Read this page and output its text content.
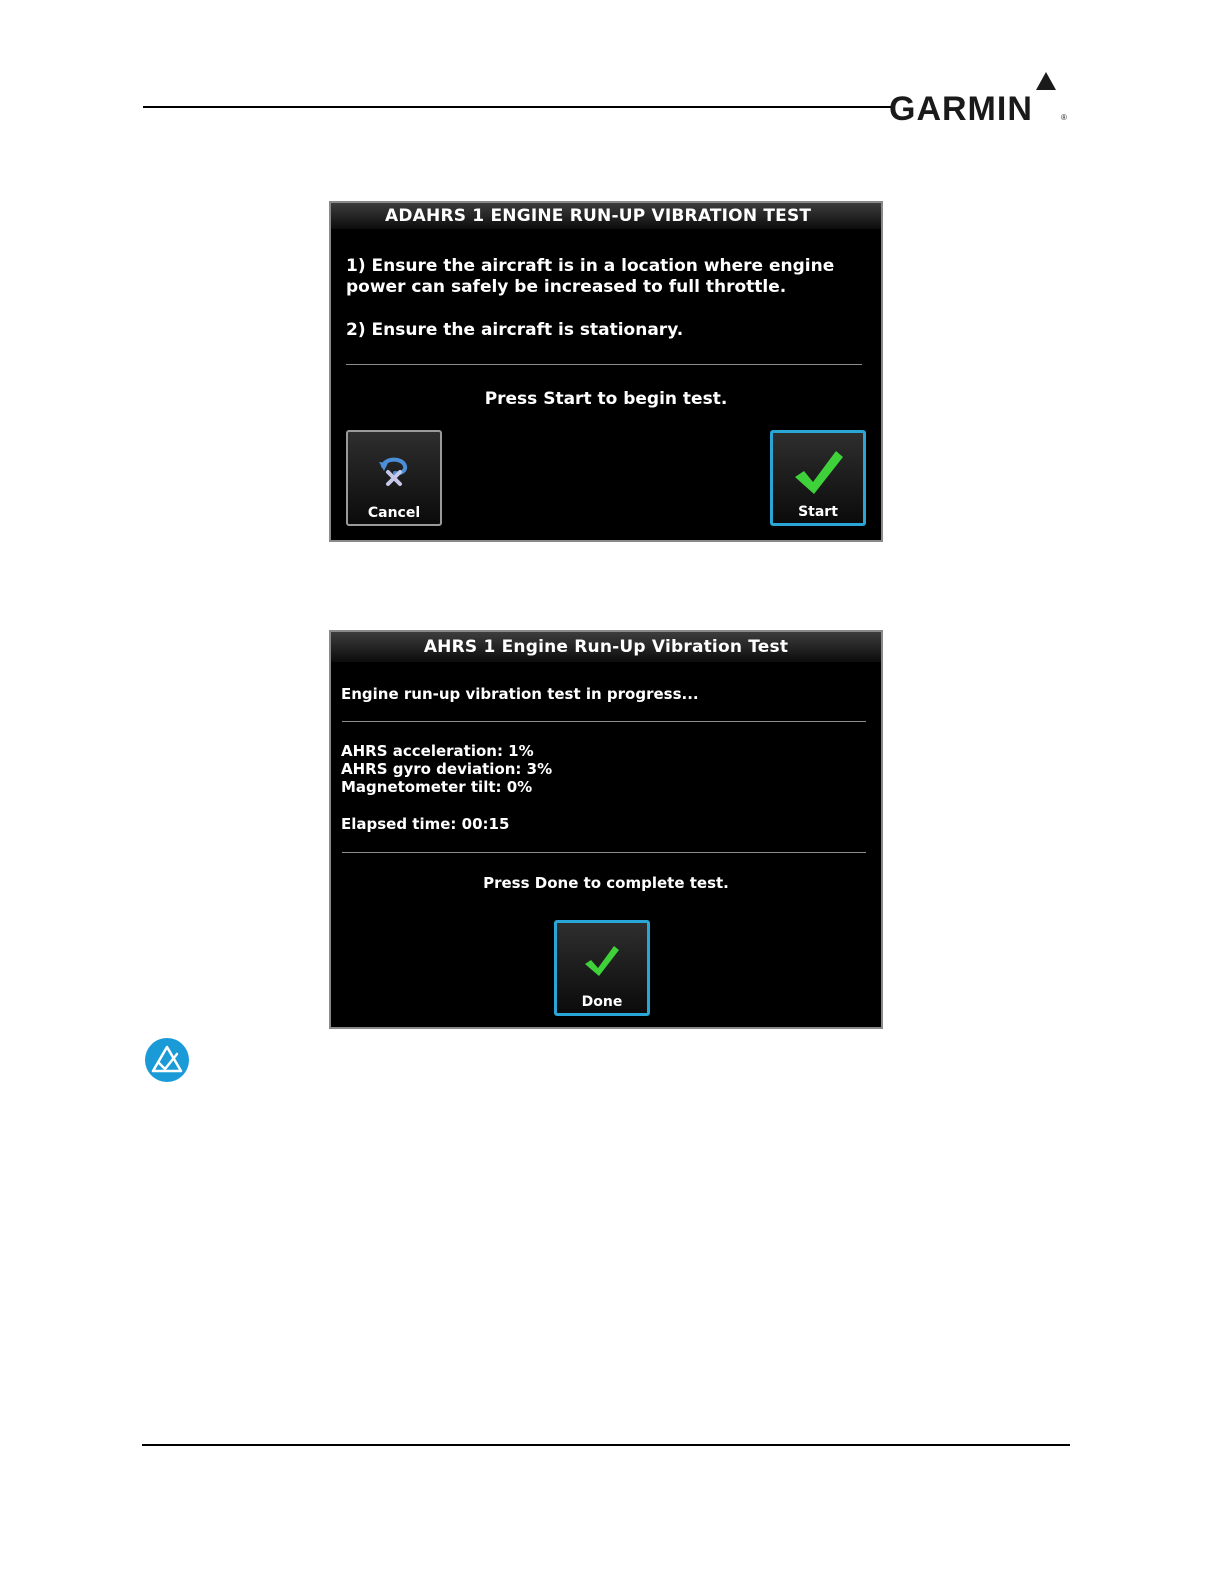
GARMIN	®
ADAHRS 1 ENGINE RUN-UP VIBRATION TEST
1) Ensure the aircraft is in a location where engine
power can safely be increased to full throttle.
2) Ensure the aircraft is stationary.
Press Start to begin test.
Cancel	Start
AHRS 1 Engine Run-Up Vibration Test
Engine run-up vibration test in progress...
AHRS acceleration: 1%
AHRS gyro deviation: 3%
Magnetometer tilt: 0%
Elapsed time: 00:15
Press Done to complete test.
Done
